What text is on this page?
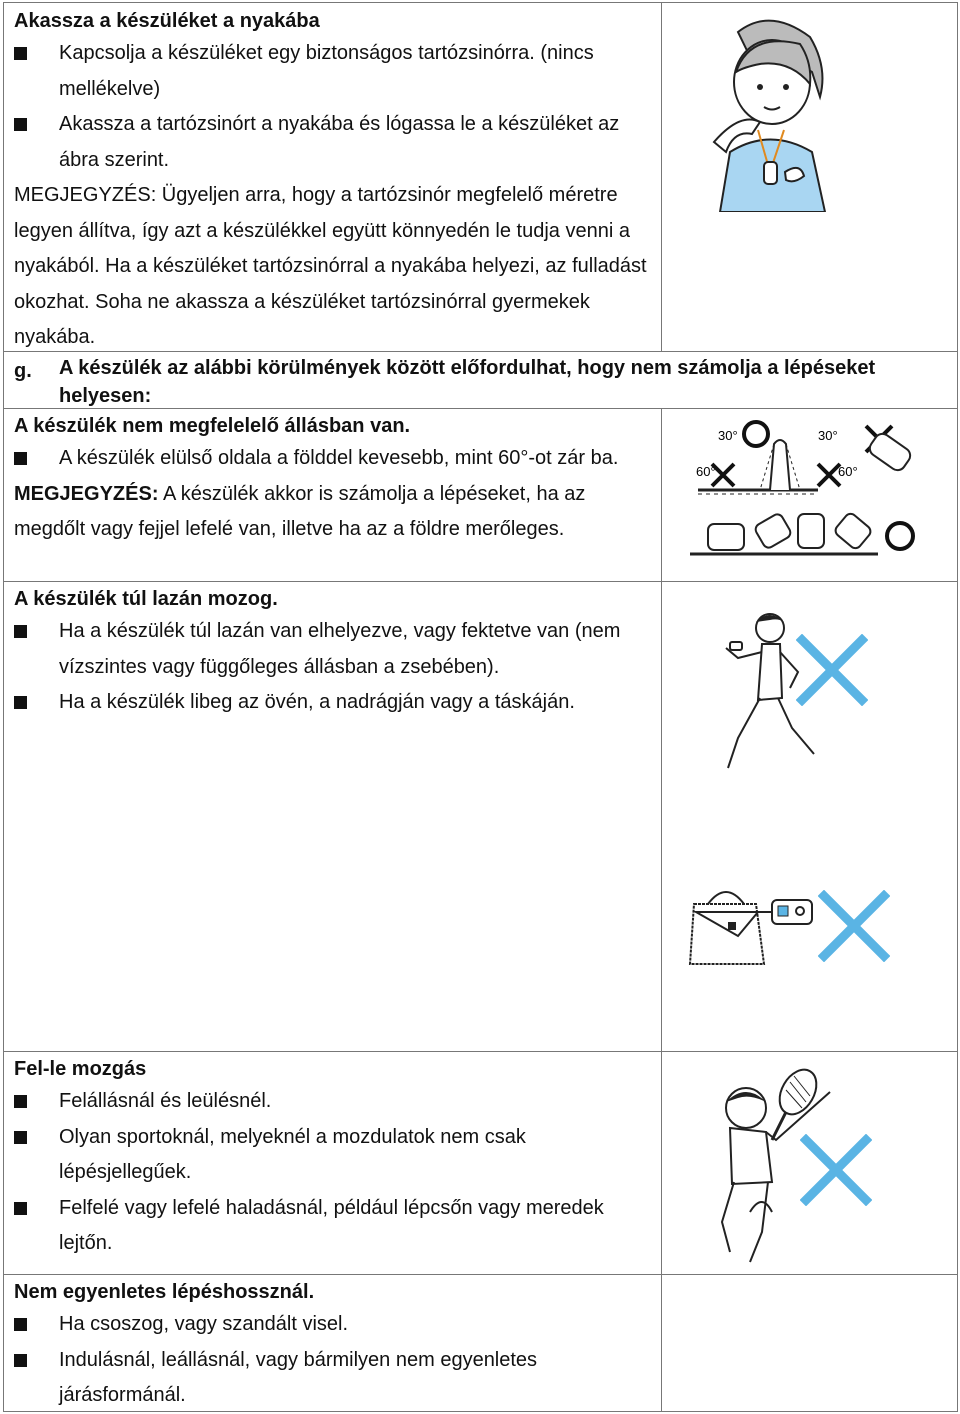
Akassza a készüléket a nyakába
Kapcsolja a készüléket egy biztonságos tartózsinórra. (nincs mellékelve)
Akassza a tartózsinórt a nyakába és lógassa le a készüléket az ábra szerint.
MEGJEGYZÉS: Ügyeljen arra, hogy a tartózsinór megfelelő méretre legyen állítva, így azt a készülékkel együtt könnyedén le tudja venni a nyakából. Ha a készüléket tartózsinórral a nyakába helyezi, az fulladást okozhat. Soha ne akassza a készüléket tartózsinórral gyermekek nyakába.
g.	A készülék az alábbi körülmények között előfordulhat, hogy nem számolja a lépéseket helyesen:
A készülék nem megfelelelő állásban van.
A készülék elülső oldala a földdel kevesebb, mint 60°-ot zár ba.
MEGJEGYZÉS: A készülék akkor is számolja a lépéseket, ha az megdőlt vagy fejjel lefelé van, illetve ha az a földre merőleges.
A készülék túl lazán mozog.
Ha a készülék túl lazán van elhelyezve, vagy fektetve van (nem vízszintes vagy függőleges állásban a zsebében).
Ha a készülék libeg az övén, a nadrágján vagy a táskáján.
Fel-le mozgás
Felállásnál és leülésnél.
Olyan sportoknál, melyeknél a mozdulatok nem csak lépésjellegűek.
Felfelé vagy lefelé haladásnál, például lépcsőn vagy meredek lejtőn.
Nem egyenletes lépéshossznál.
Ha csoszog, vagy szandált visel.
Indulásnál, leállásnál, vagy bármilyen nem egyenletes járásformánál.
30°	30°
60°	60°
